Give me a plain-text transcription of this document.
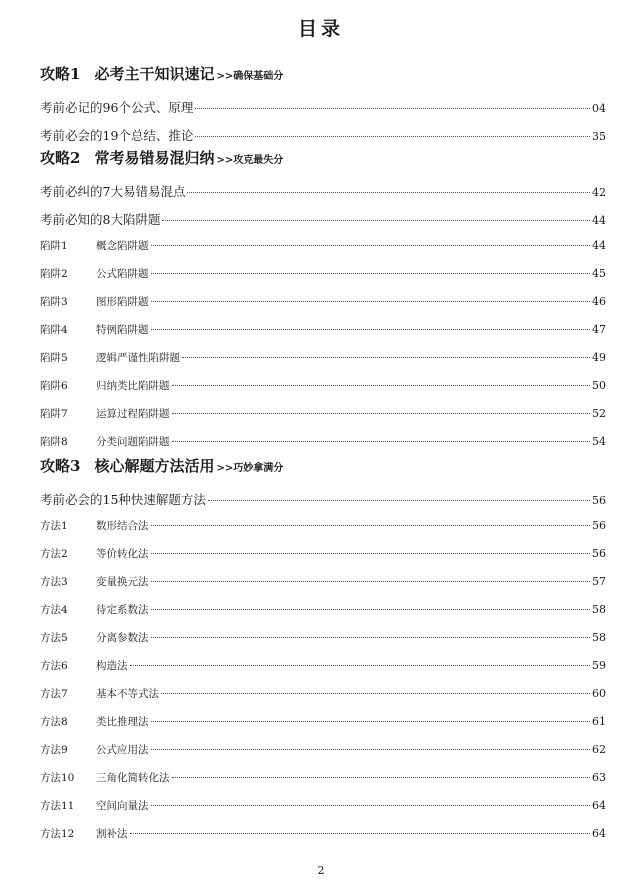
目录
攻略1 必考主干知识速记 >>确保基础分
考前必记的96个公式、原理	04
考前必会的19个总结、推论	35
攻略2 常考易错易混归纳 >>攻克最失分
考前必纠的7大易错易混点	42
考前必知的8大陷阱题	44
陷阱1	概念陷阱题	44
陷阱2	公式陷阱题	45
陷阱3	图形陷阱题	46
陷阱4	特例陷阱题	47
陷阱5	逻辑严谨性陷阱题	49
陷阱6	归纳类比陷阱题	50
陷阱7	运算过程陷阱题	52
陷阱8	分类问题陷阱题	54
攻略3 核心解题方法活用 >>巧妙拿满分
考前必会的15种快速解题方法	56
方法1	数形结合法	56
方法2	等价转化法	56
方法3	变量换元法	57
方法4	待定系数法	58
方法5	分离参数法	58
方法6	构造法	59
方法7	基本不等式法	60
方法8	类比推理法	61
方法9	公式应用法	62
方法10	三角化简转化法	63
方法11	空间向量法	64
方法12	割补法	64
2
